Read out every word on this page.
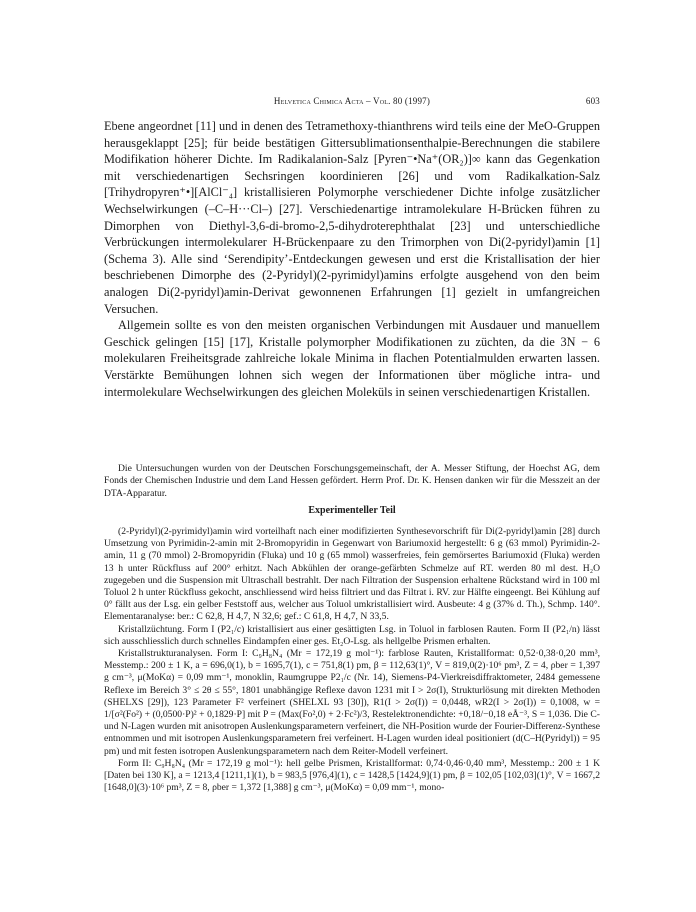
Helvetica Chimica Acta – Vol. 80 (1997)	603

Ebene angeordnet [11] und in denen des Tetramethoxy-thianthrens wird teils eine der MeO-Gruppen herausgeklappt [25]; für beide bestätigen Gittersublimationsenthalpie-Berechnungen die stabilere Modifikation höherer Dichte. Im Radikalanion-Salz [Pyren⁻•Na⁺(OR₂)]∞ kann das Gegenkation mit verschiedenartigen Sechsringen koordinieren [26] und vom Radikalkation-Salz [Trihydropyren⁺•][AlCl⁻₄] kristallisieren Polymorphe verschiedener Dichte infolge zusätzlicher Wechselwirkungen (–C–H···Cl–) [27]. Verschiedenartige intramolekulare H-Brücken führen zu Dimorphen von Diethyl-3,6-di-bromo-2,5-dihydroterephthalat [23] und unterschiedliche Verbrückungen intermolekularer H-Brückenpaare zu den Trimorphen von Di(2-pyridyl)amin [1] (Schema 3). Alle sind ‘Serendipity’-Entdeckungen gewesen und erst die Kristallisation der hier beschriebenen Dimorphe des (2-Pyridyl)(2-pyrimidyl)amins erfolgte ausgehend von den beim analogen Di(2-pyridyl)amin-Derivat gewonnenen Erfahrungen [1] gezielt in umfangreichen Versuchen.

Allgemein sollte es von den meisten organischen Verbindungen mit Ausdauer und manuellem Geschick gelingen [15] [17], Kristalle polymorpher Modifikationen zu züchten, da die 3N − 6 molekularen Freiheitsgrade zahlreiche lokale Minima in flachen Potentialmulden erwarten lassen. Verstärkte Bemühungen lohnen sich wegen der Informationen über mögliche intra- und intermolekulare Wechselwirkungen des gleichen Moleküls in seinen verschiedenartigen Kristallen.

Die Untersuchungen wurden von der Deutschen Forschungsgemeinschaft, der A. Messer Stiftung, der Hoechst AG, dem Fonds der Chemischen Industrie und dem Land Hessen gefördert. Herrn Prof. Dr. K. Hensen danken wir für die Messzeit an der DTA-Apparatur.

Experimenteller Teil

(2-Pyridyl)(2-pyrimidyl)amin wird vorteilhaft nach einer modifizierten Synthesevorschrift für Di(2-pyridyl)amin [28] durch Umsetzung von Pyrimidin-2-amin mit 2-Bromopyridin in Gegenwart von Bariumoxid hergestellt: 6 g (63 mmol) Pyrimidin-2-amin, 11 g (70 mmol) 2-Bromopyridin (Fluka) und 10 g (65 mmol) wasserfreies, fein gemörsertes Bariumoxid (Fluka) werden 13 h unter Rückfluss auf 200° erhitzt. Nach Abkühlen der orange-gefärbten Schmelze auf RT. werden 80 ml dest. H₂O zugegeben und die Suspension mit Ultraschall bestrahlt. Der nach Filtration der Suspension erhaltene Rückstand wird in 100 ml Toluol 2 h unter Rückfluss gekocht, anschliessend wird heiss filtriert und das Filtrat i. RV. zur Hälfte eingeengt. Bei Kühlung auf 0° fällt aus der Lsg. ein gelber Feststoff aus, welcher aus Toluol umkristallisiert wird. Ausbeute: 4 g (37% d. Th.), Schmp. 140°. Elementaranalyse: ber.: C 62,8, H 4,7, N 32,6; gef.: C 61,8, H 4,7, N 33,5.

Kristallzüchtung. Form I (P2₁/c) kristallisiert aus einer gesättigten Lsg. in Toluol in farblosen Rauten. Form II (P2₁/n) lässt sich ausschliesslich durch schnelles Eindampfen einer ges. Et₂O-Lsg. als hellgelbe Prismen erhalten.

Kristallstrukturanalysen. Form I: C₉H₈N₄ (Mr = 172,19 g mol⁻¹): farblose Rauten, Kristallformat: 0,52·0,38·0,20 mm³, Messtemp.: 200 ± 1 K, a = 696,0(1), b = 1695,7(1), c = 751,8(1) pm, β = 112,63(1)°, V = 819,0(2)·10⁶ pm³, Z = 4, ρber = 1,397 g cm⁻³, μ(MoKα) = 0,09 mm⁻¹, monoklin, Raumgruppe P2₁/c (Nr. 14), Siemens-P4-Vierkreisdiffraktometer, 2484 gemessene Reflexe im Bereich 3° ≤ 2θ ≤ 55°, 1801 unabhängige Reflexe davon 1231 mit I > 2σ(I), Strukturlösung mit direkten Methoden (SHELXS [29]), 123 Parameter F² verfeinert (SHELXL 93 [30]), R1(I > 2σ(I)) = 0,0448, wR2(I > 2σ(I)) = 0,1008, w = 1/[σ²(Fo²) + (0,0500·P)² + 0,1829·P] mit P = (Max(Fo²,0) + 2·Fc²)/3, Restelektronendichte: +0,18/−0,18 eÅ⁻³, S = 1,036. Die C- und N-Lagen wurden mit anisotropen Auslenkungsparametern verfeinert, die NH-Position wurde der Fourier-Differenz-Synthese entnommen und mit isotropen Auslenkungsparametern frei verfeinert. H-Lagen wurden ideal positioniert (d(C–H(Pyridyl)) = 95 pm) und mit festen isotropen Auslenkungsparametern nach dem Reiter-Modell verfeinert.

Form II: C₉H₈N₄ (Mr = 172,19 g mol⁻¹): hell gelbe Prismen, Kristallformat: 0,74·0,46·0,40 mm³, Messtemp.: 200 ± 1 K [Daten bei 130 K], a = 1213,4 [1211,1](1), b = 983,5 [976,4](1), c = 1428,5 [1424,9](1) pm, β = 102,05 [102,03](1)°, V = 1667,2 [1648,0](3)·10⁶ pm³, Z = 8, ρber = 1,372 [1,388] g cm⁻³, μ(MoKα) = 0,09 mm⁻¹, mono-
